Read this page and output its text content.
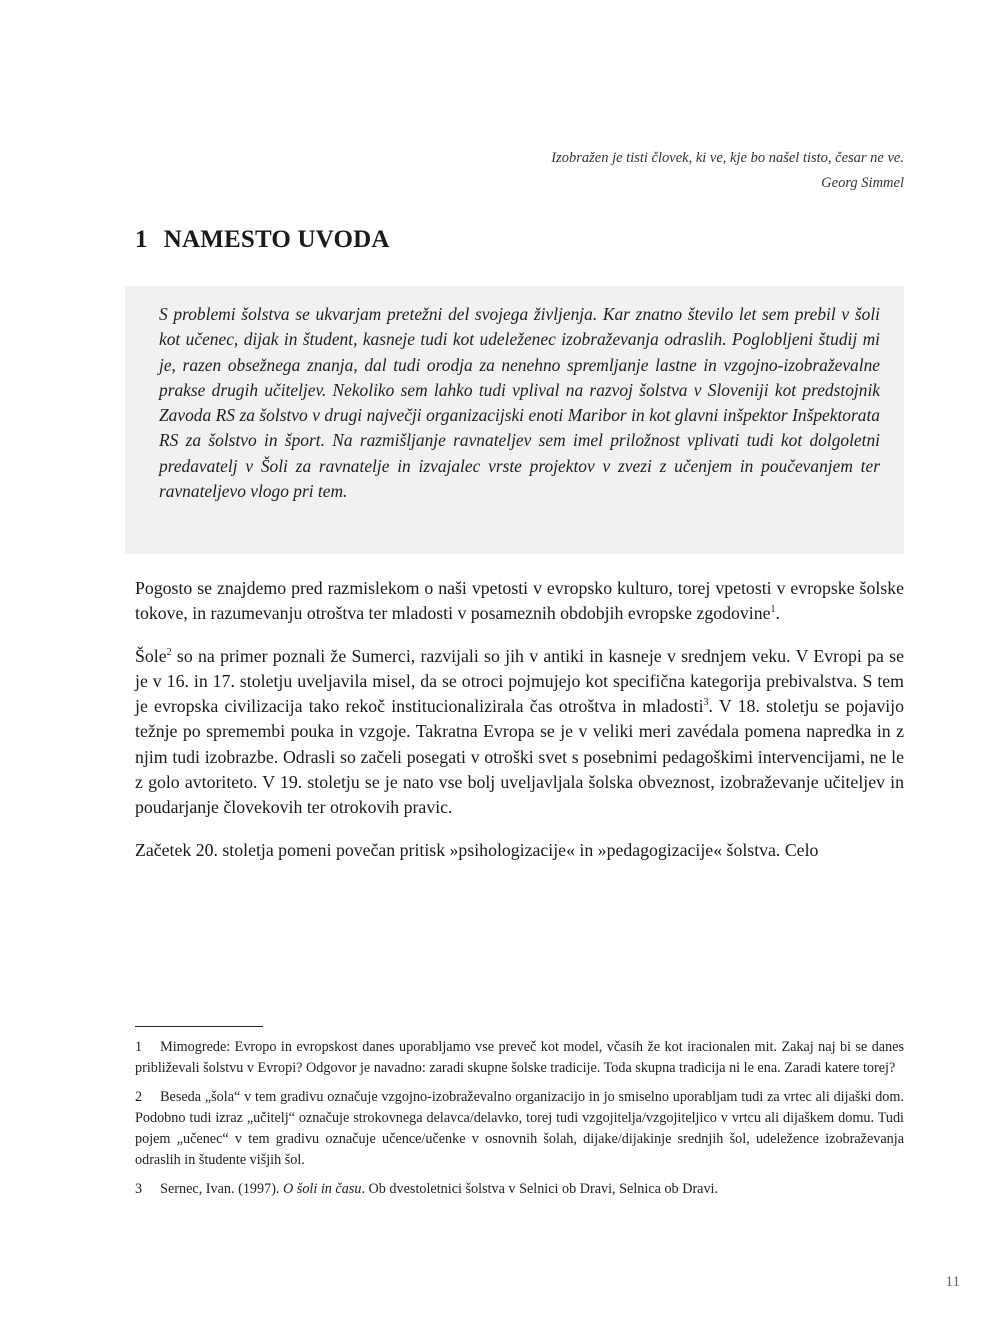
Izobražen je tisti človek, ki ve, kje bo našel tisto, česar ne ve.
Georg Simmel
1 NAMESTO UVODA

S problemi šolstva se ukvarjam pretežni del svojega življenja. Kar znatno število let sem prebil v šoli kot učenec, dijak in študent, kasneje tudi kot udeleženec izobraževanja odraslih. Poglobljeni študij mi je, razen obsežnega znanja, dal tudi orodja za nenehno spremljanje lastne in vzgojno-izobraževalne prakse drugih učiteljev. Nekoliko sem lahko tudi vplival na razvoj šolstva v Sloveniji kot predstojnik Zavoda RS za šolstvo v drugi največji organizacijski enoti Maribor in kot glavni inšpektor Inšpektorata RS za šolstvo in šport. Na razmišljanje ravnateljev sem imel priložnost vplivati tudi kot dolgoletni predavatelj v Šoli za ravnatelje in izvajalec vrste projektov v zvezi z učenjem in poučevanjem ter ravnateljevo vlogo pri tem.

Pogosto se znajdemo pred razmislekom o naši vpetosti v evropsko kulturo, torej vpetosti v evropske šolske tokove, in razumevanju otroštva ter mladosti v posameznih obdobjih evropske zgodovine$^1$.

Šole$^2$ so na primer poznali že Sumerci, razvijali so jih v antiki in kasneje v srednjem veku. V Evropi pa se je v 16. in 17. stoletju uveljavila misel, da se otroci pojmujejo kot specifična kategorija prebivalstva. S tem je evropska civilizacija tako rekoč institucionalizirala čas otroštva in mladosti$^3$. V 18. stoletju se pojavijo težnje po spremembi pouka in vzgoje. Takratna Evropa se je v veliki meri zavédala pomena napredka in z njim tudi izobrazbe. Odrasli so začeli posegati v otroški svet s posebnimi pedagoškimi intervencijami, ne le z golo avtoriteto. V 19. stoletju se je nato vse bolj uveljavljala šolska obveznost, izobraževanje učiteljev in poudarjanje človekovih ter otrokovih pravic.

Začetek 20. stoletja pomeni povečan pritisk »psihologizacije« in »pedagogizacije« šolstva. Celo

1 Mimogrede: Evropo in evropskost danes uporabljamo vse preveč kot model, včasih že kot iracionalen mit. Zakaj naj bi se danes približevali šolstvu v Evropi? Odgovor je navadno: zaradi skupne šolske tradicije. Toda skupna tradicija ni le ena. Zaradi katere torej?

2 Beseda „šola“ v tem gradivu označuje vzgojno-izobraževalno organizacijo in jo smiselno uporabljam tudi za vrtec ali dijaški dom. Podobno tudi izraz „učitelj“ označuje strokovnega delavca/delavko, torej tudi vzgojitelja/vzgojiteljico v vrtcu ali dijaškem domu. Tudi pojem „učenec“ v tem gradivu označuje učence/učenke v osnovnih šolah, dijake/dijakinje srednjih šol, udeležence izobraževanja odraslih in študente višjih šol.

3 Sernec, Ivan. (1997). O šoli in času. Ob dvestoletnici šolstva v Selnici ob Dravi, Selnica ob Dravi.

11
